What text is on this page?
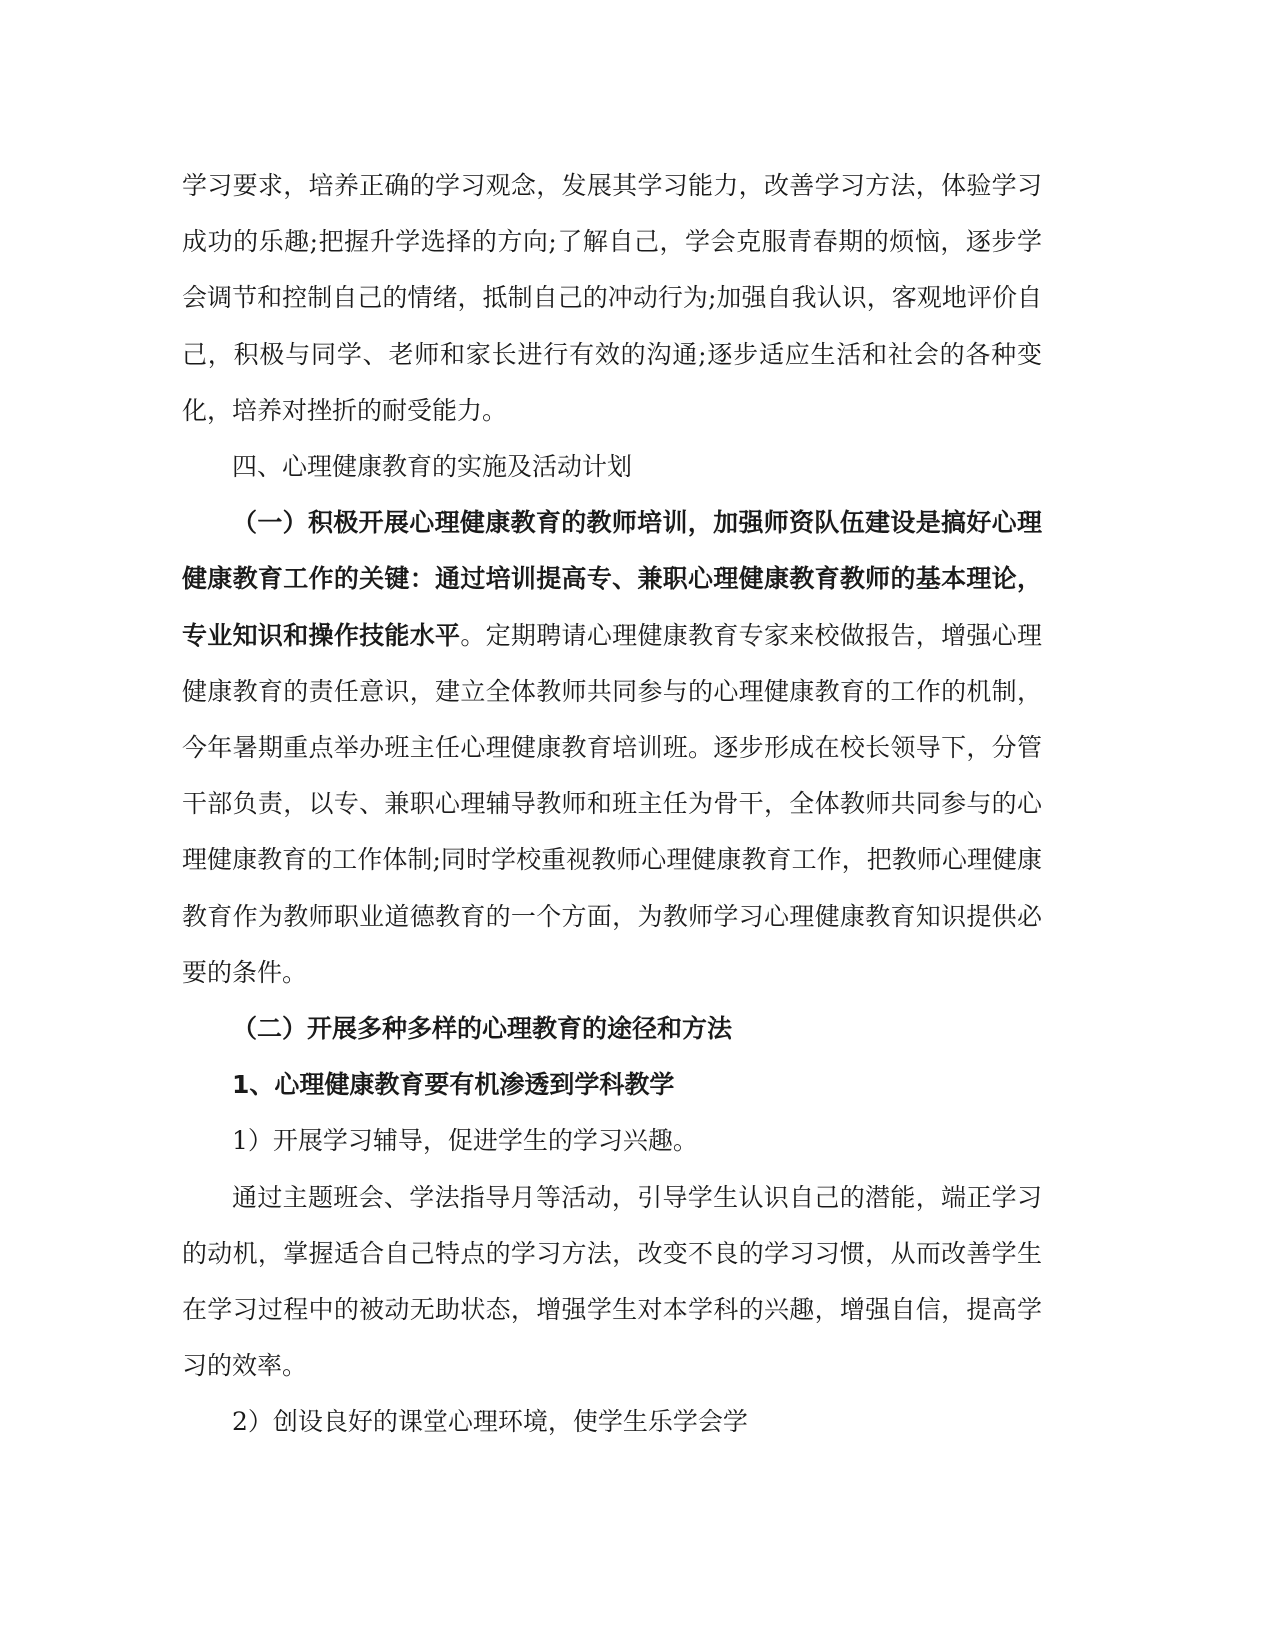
学习要求，培养正确的学习观念，发展其学习能力，改善学习方法，体验学习成功的乐趣;把握升学选择的方向;了解自己，学会克服青春期的烦恼，逐步学会调节和控制自己的情绪，抵制自己的冲动行为;加强自我认识，客观地评价自己，积极与同学、老师和家长进行有效的沟通;逐步适应生活和社会的各种变化，培养对挫折的耐受能力。

四、心理健康教育的实施及活动计划

（一）积极开展心理健康教育的教师培训，加强师资队伍建设是搞好心理健康教育工作的关键：通过培训提高专、兼职心理健康教育教师的基本理论，专业知识和操作技能水平。定期聘请心理健康教育专家来校做报告，增强心理健康教育的责任意识，建立全体教师共同参与的心理健康教育的工作的机制，今年暑期重点举办班主任心理健康教育培训班。逐步形成在校长领导下，分管干部负责，以专、兼职心理辅导教师和班主任为骨干，全体教师共同参与的心理健康教育的工作体制;同时学校重视教师心理健康教育工作，把教师心理健康教育作为教师职业道德教育的一个方面，为教师学习心理健康教育知识提供必要的条件。

（二）开展多种多样的心理教育的途径和方法

1、心理健康教育要有机渗透到学科教学

1）开展学习辅导，促进学生的学习兴趣。

通过主题班会、学法指导月等活动，引导学生认识自己的潜能，端正学习的动机，掌握适合自己特点的学习方法，改变不良的学习习惯，从而改善学生在学习过程中的被动无助状态，增强学生对本学科的兴趣，增强自信，提高学习的效率。

2）创设良好的课堂心理环境，使学生乐学会学
